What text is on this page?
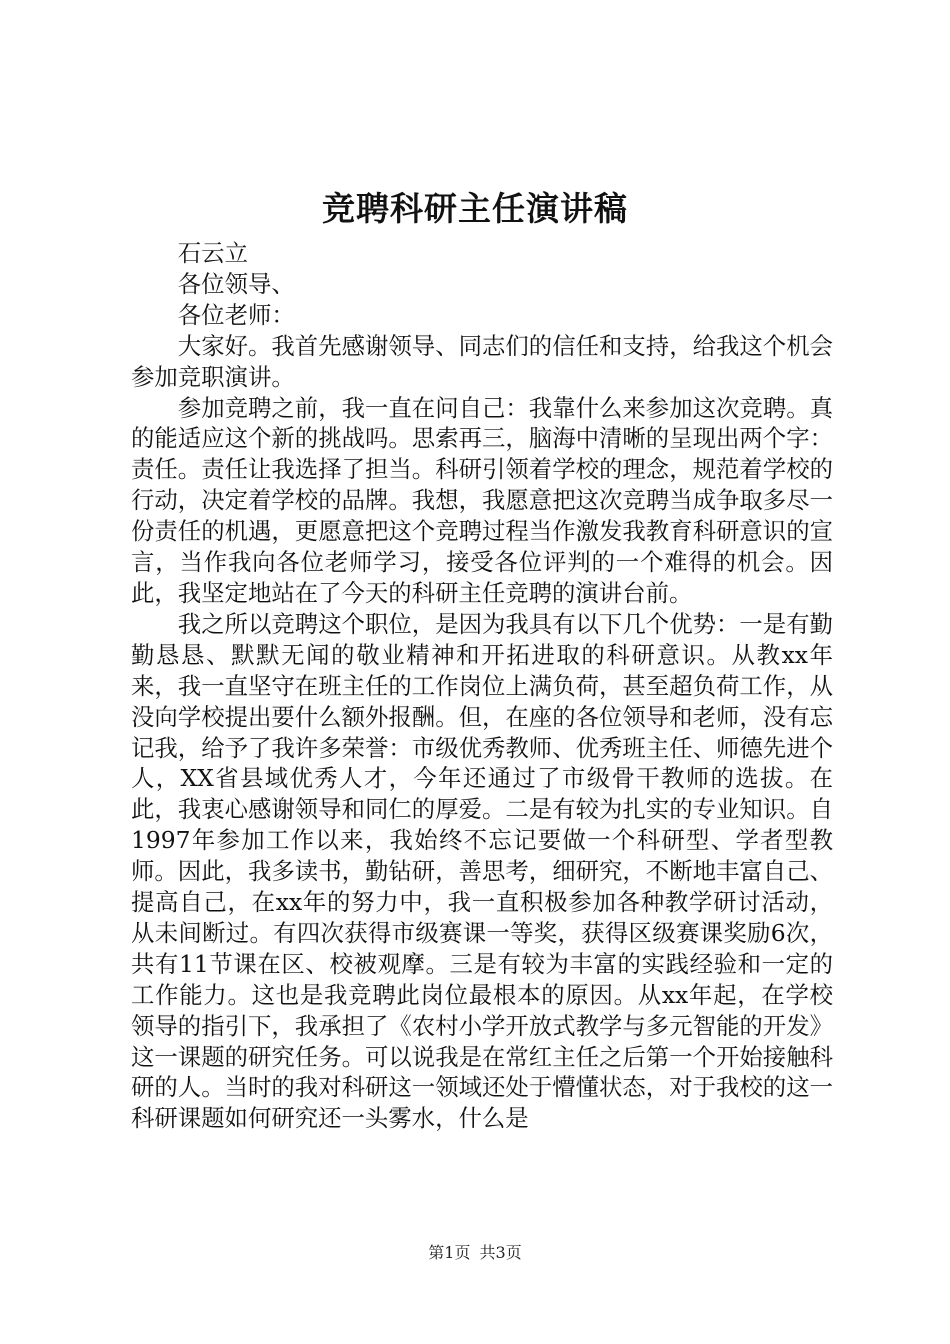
竞聘科研主任演讲稿

石云立

各位领导、

各位老师：

大家好。我首先感谢领导、同志们的信任和支持，给我这个机会参加竞职演讲。

参加竞聘之前，我一直在问自己：我靠什么来参加这次竞聘。真的能适应这个新的挑战吗。思索再三，脑海中清晰的呈现出两个字：责任。责任让我选择了担当。科研引领着学校的理念，规范着学校的行动，决定着学校的品牌。我想，我愿意把这次竞聘当成争取多尽一份责任的机遇，更愿意把这个竞聘过程当作激发我教育科研意识的宣言，当作我向各位老师学习，接受各位评判的一个难得的机会。因此，我坚定地站在了今天的科研主任竞聘的演讲台前。

我之所以竞聘这个职位，是因为我具有以下几个优势：一是有勤勤恳恳、默默无闻的敬业精神和开拓进取的科研意识。从教xx年来，我一直坚守在班主任的工作岗位上满负荷，甚至超负荷工作，从没向学校提出要什么额外报酬。但，在座的各位领导和老师，没有忘记我，给予了我许多荣誉：市级优秀教师、优秀班主任、师德先进个人，XX省县域优秀人才，今年还通过了市级骨干教师的选拔。在此，我衷心感谢领导和同仁的厚爱。二是有较为扎实的专业知识。自1997年参加工作以来，我始终不忘记要做一个科研型、学者型教师。因此，我多读书，勤钻研，善思考，细研究，不断地丰富自己、提高自己，在xx年的努力中，我一直积极参加各种教学研讨活动，从未间断过。有四次获得市级赛课一等奖，获得区级赛课奖励6次，共有11节课在区、校被观摩。三是有较为丰富的实践经验和一定的工作能力。这也是我竞聘此岗位最根本的原因。从xx年起，在学校领导的指引下，我承担了《农村小学开放式教学与多元智能的开发》这一课题的研究任务。可以说我是在常红主任之后第一个开始接触科研的人。当时的我对科研这一领域还处于懵懂状态，对于我校的这一科研课题如何研究还一头雾水，什么是

第1页 共3页
